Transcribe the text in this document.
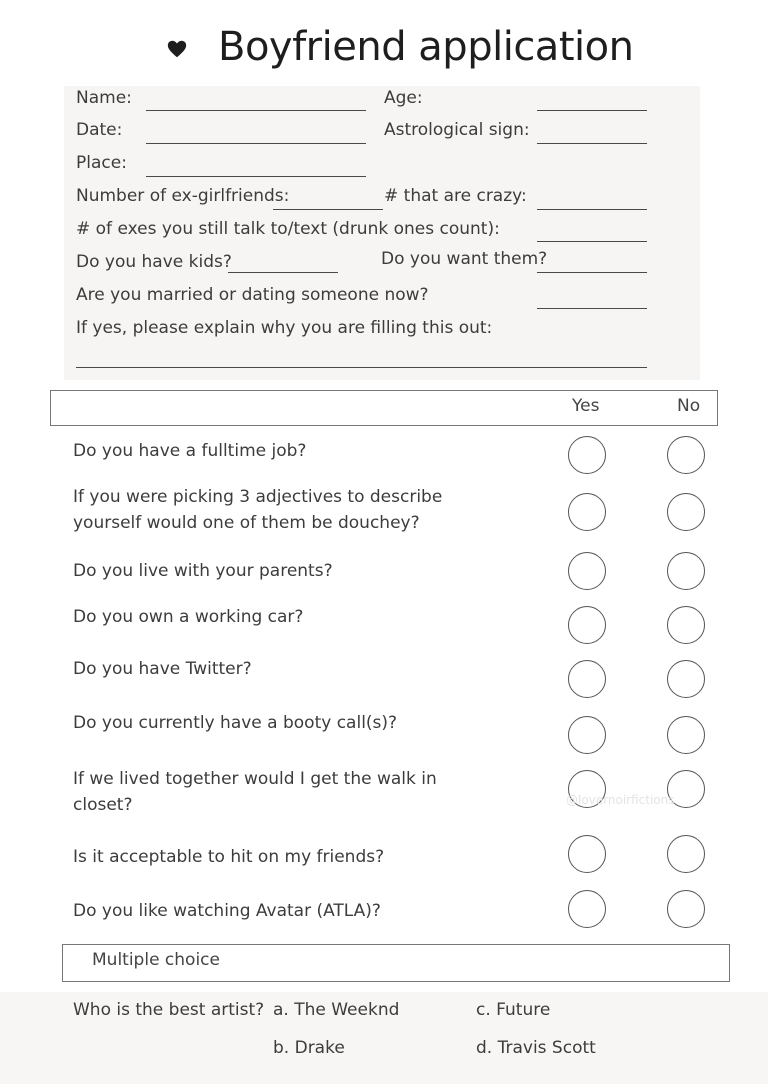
Boyfriend application
Name:	Age:
Date:	Astrological sign:
Place:
Number of ex-girlfriends:	# that are crazy:
# of exes you still talk to/text (drunk ones count):
Do you have kids?	Do you want them?
Are you married or dating someone now?
If yes, please explain why you are filling this out:
Yes	No
Do you have a fulltime job?
If you were picking 3 adjectives to describe
yourself would one of them be douchey?
Do you live with your parents?
Do you own a working car?
Do you have Twitter?
Do you currently have a booty call(s)?
If we lived together would I get the walk in
closet?
Is it acceptable to hit on my friends?
Do you like watching Avatar (ATLA)?
@lovernoirfictions
Multiple choice
Who is the best artist? a. The Weeknd	c. Future
b. Drake	d. Travis Scott
